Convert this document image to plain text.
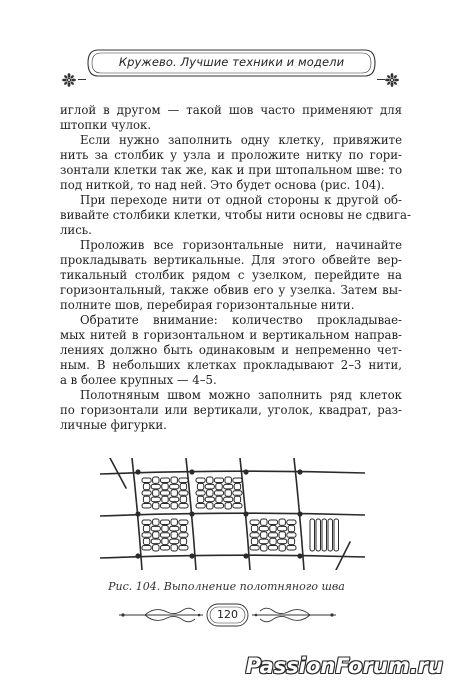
Кружево. Лучшие техники и модели
иглой в другом — такой шов часто применяют для
штопки чулок.
Если нужно заполнить одну клетку, привяжите
нить за столбик у узла и проложите нитку по гори-
зонтали клетки так же, как и при штопальном шве: то
под ниткой, то над ней. Это будет основа (рис. 104).
При переходе нити от одной стороны к другой об-
вивайте столбики клетки, чтобы нити основы не сдвига-
лись.
Проложив все горизонтальные нити, начинайте
прокладывать вертикальные. Для этого обвейте вер-
тикальный столбик рядом с узелком, перейдите на
горизонтальный, также обвив его у узелка. Затем вы-
полните шов, перебирая горизонтальные нити.
Обратите внимание: количество прокладывае-
мых нитей в горизонтальном и вертикальном направ-
лениях должно быть одинаковым и непременно чет-
ным. В небольших клетках прокладывают 2–3 нити,
а в более крупных — 4–5.
Полотняным швом можно заполнить ряд клеток
по горизонтали или вертикали, уголок, квадрат, раз-
личные фигурки.
Рис. 104. Выполнение полотняного шва
120
PassionForum.ru
